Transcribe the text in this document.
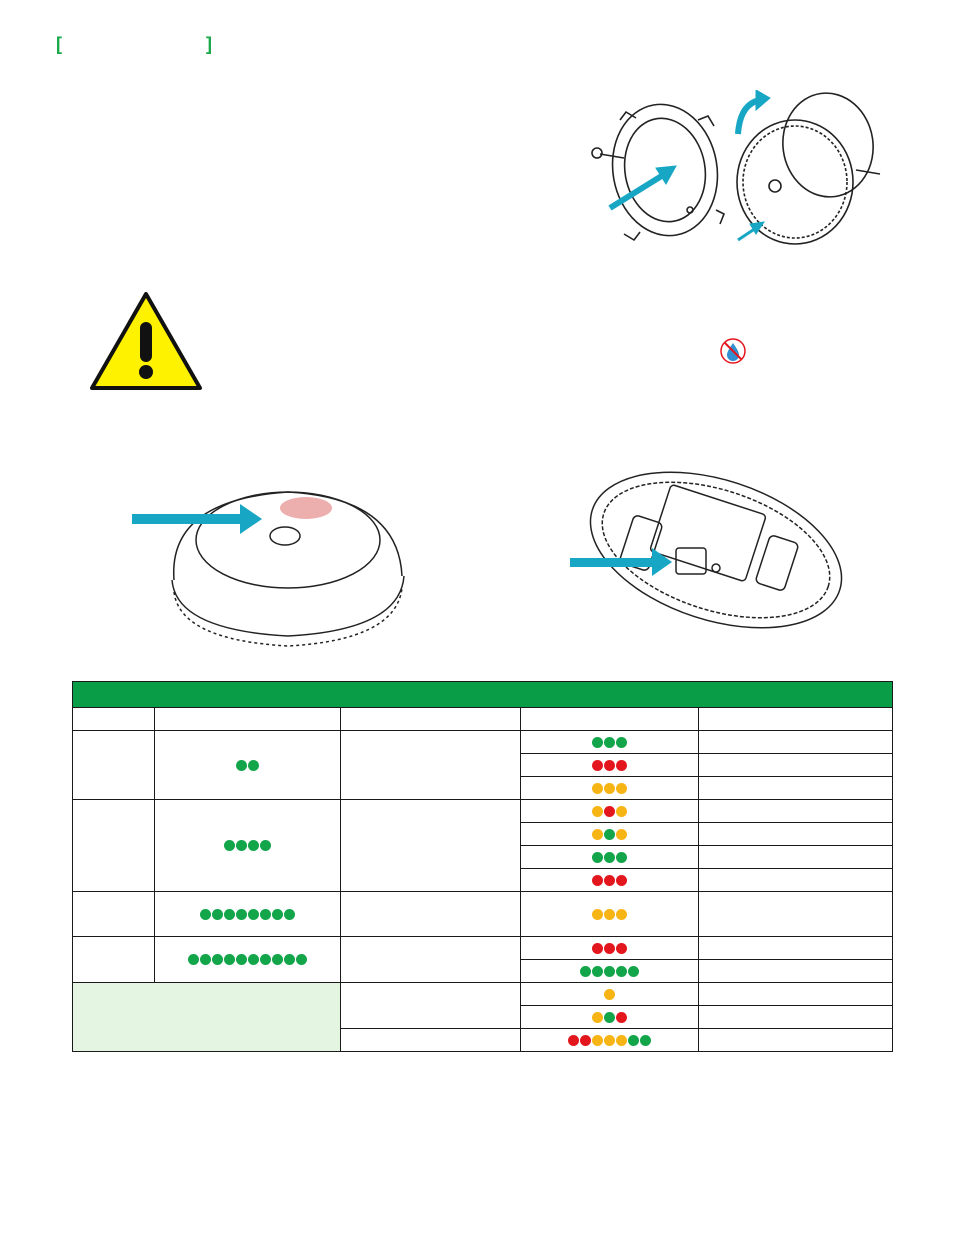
[	]
